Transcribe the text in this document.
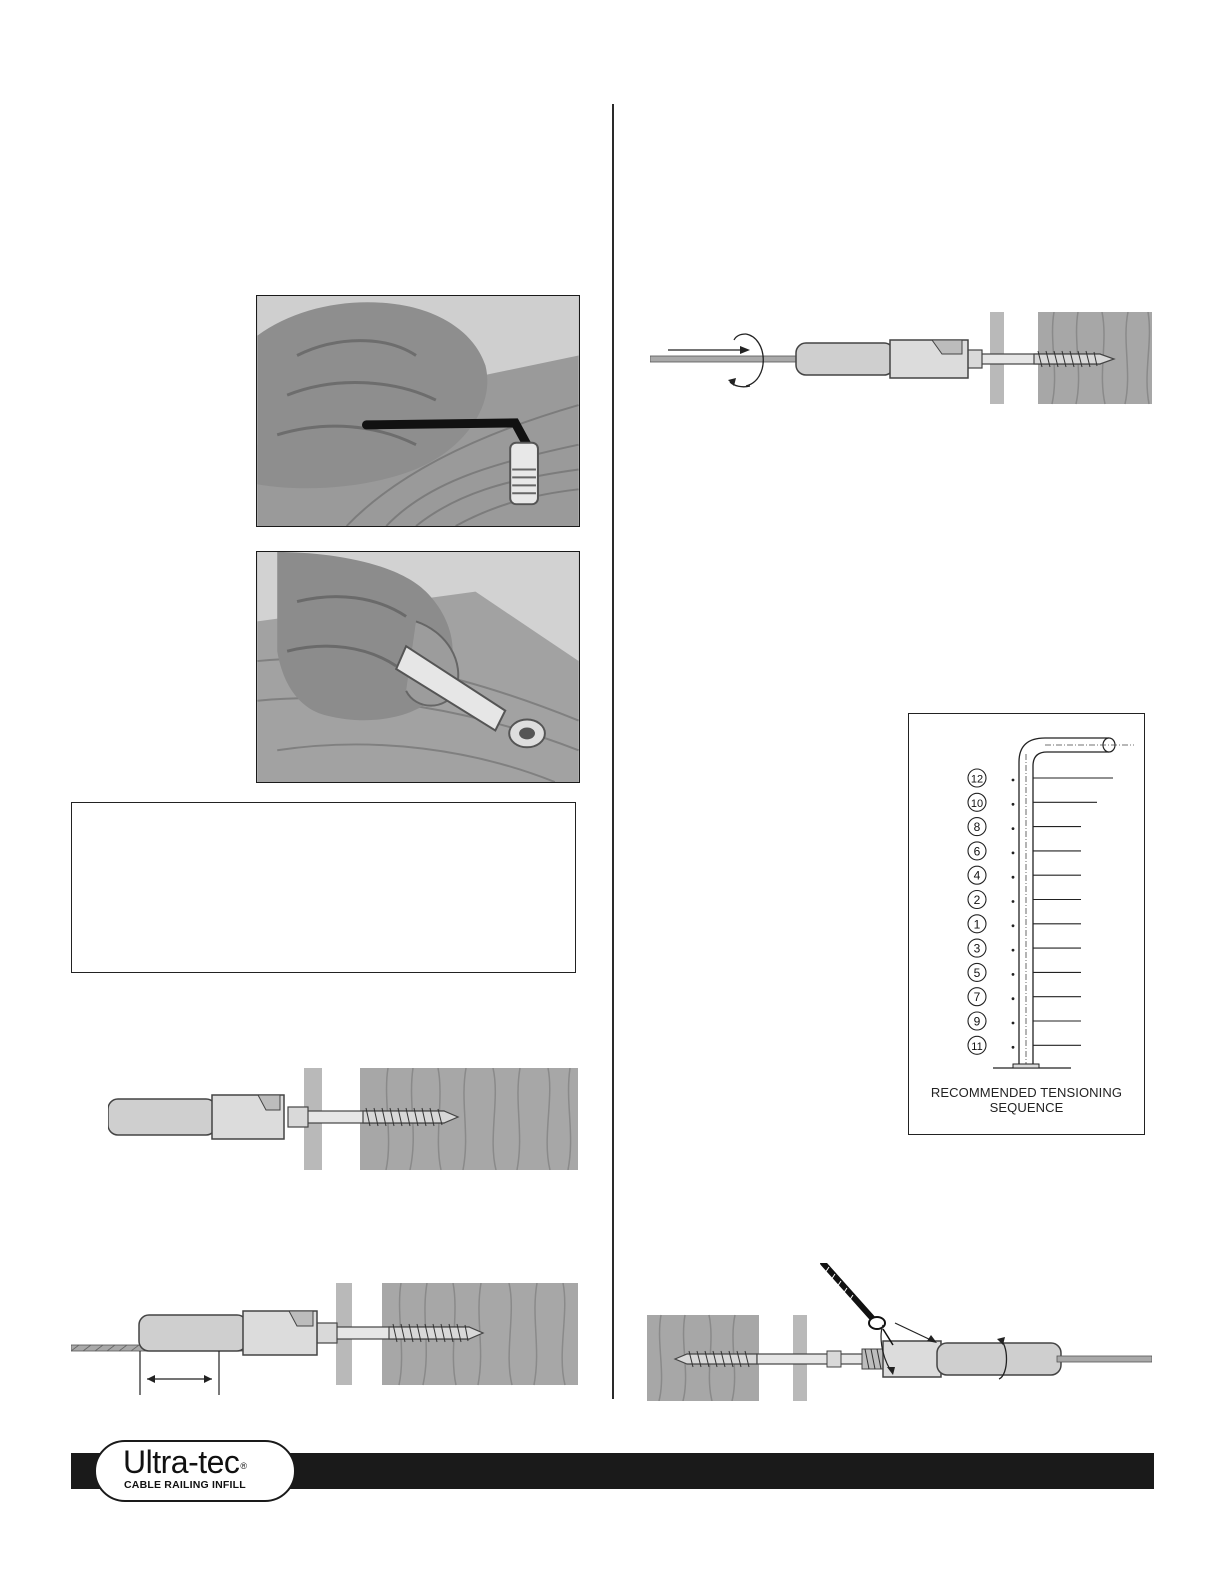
12
10
8
6
4
2
1
3
5
7
9
11
RECOMMENDED TENSIONING
SEQUENCE
Ultra-tec®
CABLE RAILING INFILL
